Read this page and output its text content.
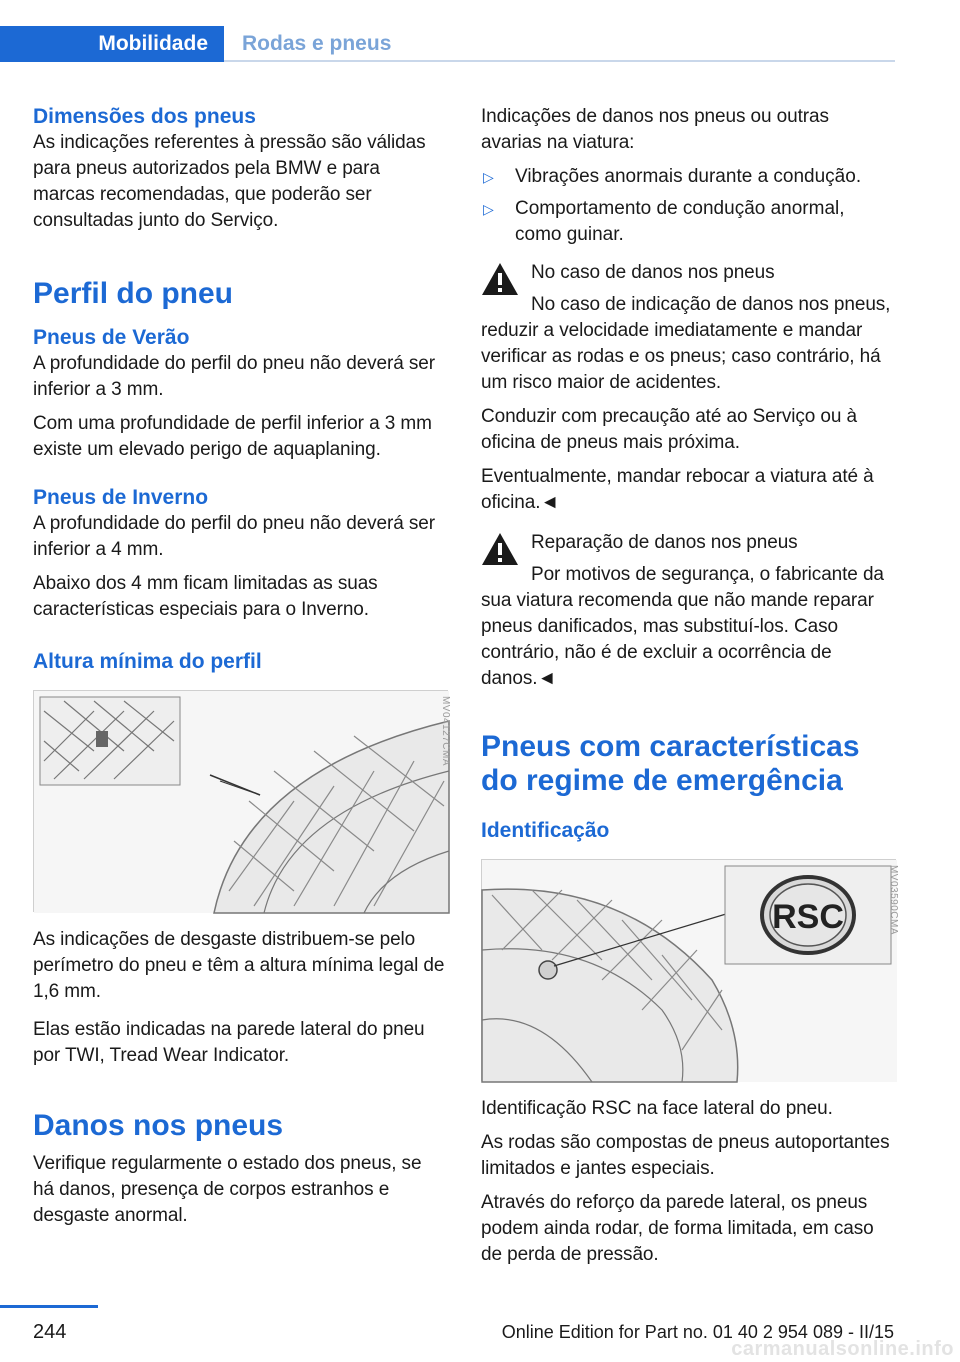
Mobilidade	Rodas e pneus
Dimensões dos pneus

As indicações referentes à pressão são válidas para pneus autorizados pela BMW e para marcas recomendadas, que poderão ser consultadas junto do Serviço.

Perfil do pneu
Pneus de Verão

A profundidade do perfil do pneu não deverá ser inferior a 3 mm.

Com uma profundidade de perfil inferior a 3 mm existe um elevado perigo de aquaplaning.

Pneus de Inverno

A profundidade do perfil do pneu não deverá ser inferior a 4 mm.

Abaixo dos 4 mm ficam limitadas as suas características especiais para o Inverno.

Altura mínima do perfil
MV04127CMA

As indicações de desgaste distribuem-se pelo perímetro do pneu e têm a altura mínima legal de 1,6 mm.

Elas estão indicadas na parede lateral do pneu por TWI, Tread Wear Indicator.

Danos nos pneus

Verifique regularmente o estado dos pneus, se há danos, presença de corpos estranhos e desgaste anormal.

Indicações de danos nos pneus ou outras avarias na viatura:

▷	Vibrações anormais durante a condução.
▷	Comportamento de condução anormal, como guinar.

No caso de danos nos pneus

No caso de indicação de danos nos pneus, reduzir a velocidade imediatamente e mandar verificar as rodas e os pneus; caso contrário, há um risco maior de acidentes.

Conduzir com precaução até ao Serviço ou à oficina de pneus mais próxima.

Eventualmente, mandar rebocar a viatura até à oficina.◄

Reparação de danos nos pneus

Por motivos de segurança, o fabricante da sua viatura recomenda que não mande reparar pneus danificados, mas substituí-los. Caso contrário, não é de excluir a ocorrência de danos.◄

Pneus com características do regime de emergência
Identificação
RSC	MV03590CMA

Identificação RSC na face lateral do pneu.

As rodas são compostas de pneus autoportantes limitados e jantes especiais.

Através do reforço da parede lateral, os pneus podem ainda rodar, de forma limitada, em caso de perda de pressão.

244	Online Edition for Part no. 01 40 2 954 089 - II/15
carmanualsonline.info
